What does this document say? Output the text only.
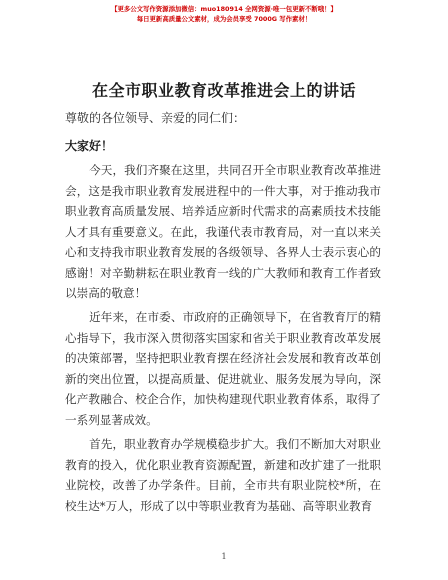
【更多公文写作资源添加微信：muo180914 全网资源·唯一包更新不断哦！】
每日更新高质量公文素材，成为会员享受 7000G 写作素材！
在全市职业教育改革推进会上的讲话
尊敬的各位领导、亲爱的同仁们：
大家好！
今天，我们齐聚在这里，共同召开全市职业教育改革推进会，这是我市职业教育发展进程中的一件大事，对于推动我市职业教育高质量发展、培养适应新时代需求的高素质技术技能人才具有重要意义。在此，我谨代表市教育局，对一直以来关心和支持我市职业教育发展的各级领导、各界人士表示衷心的感谢！对辛勤耕耘在职业教育一线的广大教师和教育工作者致以崇高的敬意！
近年来，在市委、市政府的正确领导下，在省教育厅的精心指导下，我市深入贯彻落实国家和省关于职业教育改革发展的决策部署，坚持把职业教育摆在经济社会发展和教育改革创新的突出位置，以提高质量、促进就业、服务发展为导向，深化产教融合、校企合作，加快构建现代职业教育体系，取得了一系列显著成效。
首先，职业教育办学规模稳步扩大。我们不断加大对职业教育的投入，优化职业教育资源配置，新建和改扩建了一批职业院校，改善了办学条件。目前，全市共有职业院校*所，在校生达*万人，形成了以中等职业教育为基础、高等职业教育
1
